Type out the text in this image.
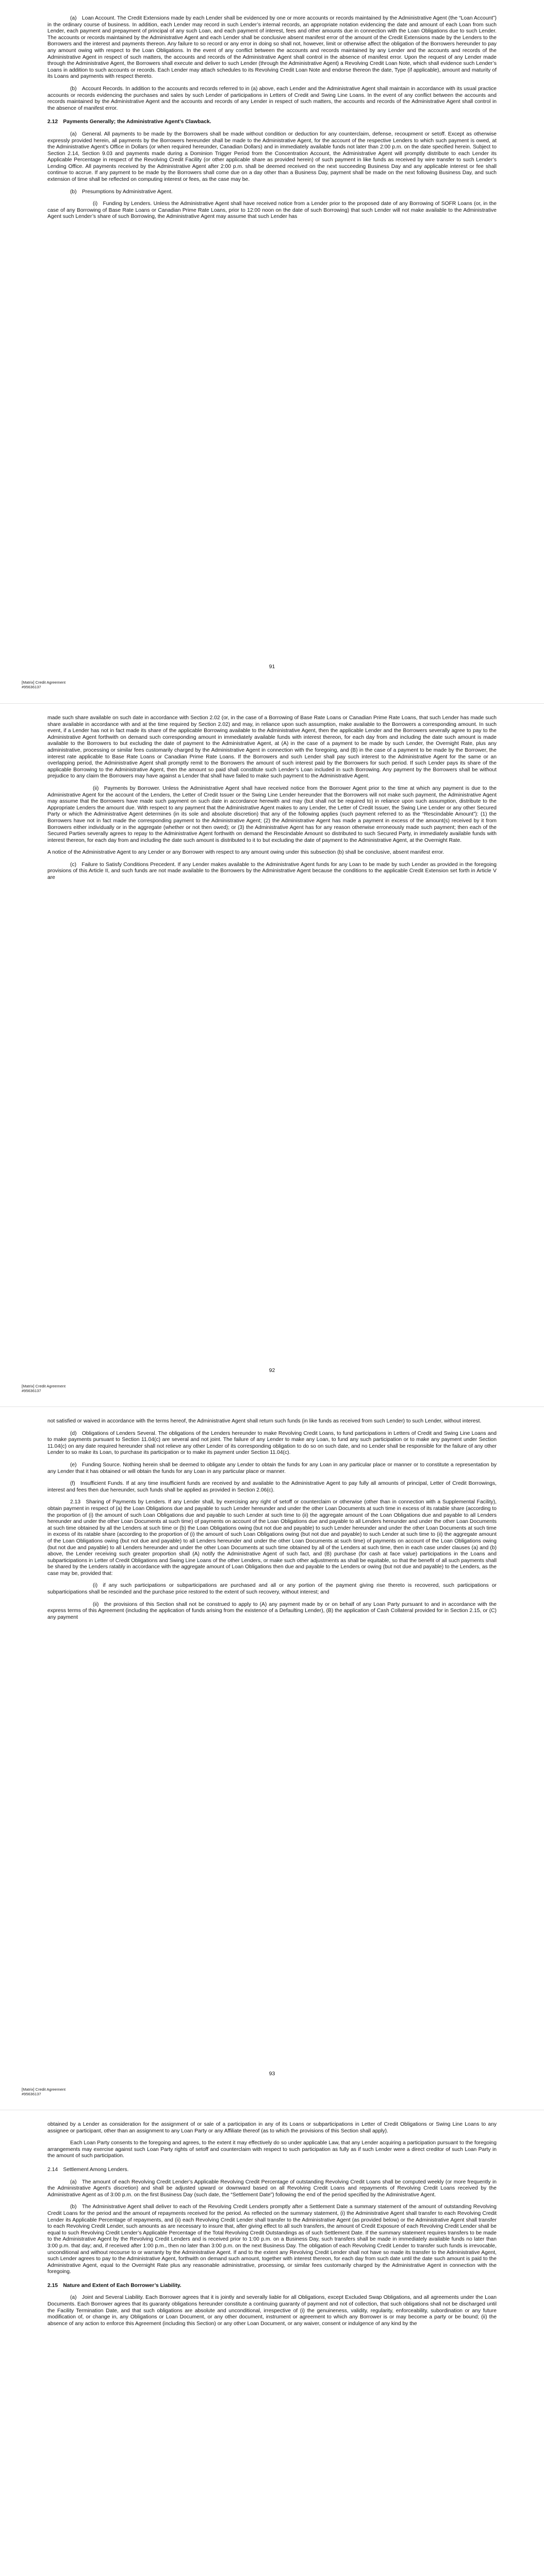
(a) Loan Account. The Credit Extensions made by each Lender shall be evidenced by one or more accounts or records maintained by the Administrative Agent (the “Loan Account”) in the ordinary course of business. In addition, each Lender may record in such Lender’s internal records, an appropriate notation evidencing the date and amount of each Loan from such Lender, each payment and prepayment of principal of any such Loan, and each payment of interest, fees and other amounts due in connection with the Loan Obligations due to such Lender. The accounts or records maintained by the Administrative Agent and each Lender shall be conclusive absent manifest error of the amount of the Credit Extensions made by the Lenders to the Borrowers and the interest and payments thereon. Any failure to so record or any error in doing so shall not, however, limit or otherwise affect the obligation of the Borrowers hereunder to pay any amount owing with respect to the Loan Obligations. In the event of any conflict between the accounts and records maintained by any Lender and the accounts and records of the Administrative Agent in respect of such matters, the accounts and records of the Administrative Agent shall control in the absence of manifest error. Upon the request of any Lender made through the Administrative Agent, the Borrowers shall execute and deliver to such Lender (through the Administrative Agent) a Revolving Credit Loan Note, which shall evidence such Lender’s Loans in addition to such accounts or records. Each Lender may attach schedules to its Revolving Credit Loan Note and endorse thereon the date, Type (if applicable), amount and maturity of its Loans and payments with respect thereto.

(b) Account Records. In addition to the accounts and records referred to in (a) above, each Lender and the Administrative Agent shall maintain in accordance with its usual practice accounts or records evidencing the purchases and sales by such Lender of participations in Letters of Credit and Swing Line Loans. In the event of any conflict between the accounts and records maintained by the Administrative Agent and the accounts and records of any Lender in respect of such matters, the accounts and records of the Administrative Agent shall control in the absence of manifest error.

2.12 Payments Generally; the Administrative Agent’s Clawback.

(a) General. All payments to be made by the Borrowers shall be made without condition or deduction for any counterclaim, defense, recoupment or setoff. Except as otherwise expressly provided herein, all payments by the Borrowers hereunder shall be made to the Administrative Agent, for the account of the respective Lenders to which such payment is owed, at the Administrative Agent’s Office in Dollars (or when required hereunder, Canadian Dollars) and in immediately available funds not later than 2:00 p.m. on the date specified herein. Subject to Section 2.14, Section 9.03 and payments made during a Dominion Trigger Period from the Concentration Account, the Administrative Agent will promptly distribute to each Lender its Applicable Percentage in respect of the Revolving Credit Facility (or other applicable share as provided herein) of such payment in like funds as received by wire transfer to such Lender’s Lending Office. All payments received by the Administrative Agent after 2:00 p.m. shall be deemed received on the next succeeding Business Day and any applicable interest or fee shall continue to accrue. If any payment to be made by the Borrowers shall come due on a day other than a Business Day, payment shall be made on the next following Business Day, and such extension of time shall be reflected on computing interest or fees, as the case may be.

(b) Presumptions by Administrative Agent.

(i) Funding by Lenders. Unless the Administrative Agent shall have received notice from a Lender prior to the proposed date of any Borrowing of SOFR Loans (or, in the case of any Borrowing of Base Rate Loans or Canadian Prime Rate Loans, prior to 12:00 noon on the date of such Borrowing) that such Lender will not make available to the Administrative Agent such Lender’s share of such Borrowing, the Administrative Agent may assume that such Lender has

91
[Matrix] Credit Agreement
#95636137

made such share available on such date in accordance with Section 2.02 (or, in the case of a Borrowing of Base Rate Loans or Canadian Prime Rate Loans, that such Lender has made such share available in accordance with and at the time required by Section 2.02) and may, in reliance upon such assumption, make available to the Borrowers a corresponding amount. In such event, if a Lender has not in fact made its share of the applicable Borrowing available to the Administrative Agent, then the applicable Lender and the Borrowers severally agree to pay to the Administrative Agent forthwith on demand such corresponding amount in immediately available funds with interest thereon, for each day from and including the date such amount is made available to the Borrowers to but excluding the date of payment to the Administrative Agent, at (A) in the case of a payment to be made by such Lender, the Overnight Rate, plus any administrative, processing or similar fees customarily charged by the Administrative Agent in connection with the foregoing, and (B) in the case of a payment to be made by the Borrower, the interest rate applicable to Base Rate Loans or Canadian Prime Rate Loans. If the Borrowers and such Lender shall pay such interest to the Administrative Agent for the same or an overlapping period, the Administrative Agent shall promptly remit to the Borrowers the amount of such interest paid by the Borrowers for such period. If such Lender pays its share of the applicable Borrowing to the Administrative Agent, then the amount so paid shall constitute such Lender’s Loan included in such Borrowing. Any payment by the Borrowers shall be without prejudice to any claim the Borrowers may have against a Lender that shall have failed to make such payment to the Administrative Agent.

(ii) Payments by Borrower. Unless the Administrative Agent shall have received notice from the Borrower Agent prior to the time at which any payment is due to the Administrative Agent for the account of the Lenders, the Letter of Credit Issuer or the Swing Line Lender hereunder that the Borrowers will not make such payment, the Administrative Agent may assume that the Borrowers have made such payment on such date in accordance herewith and may (but shall not be required to) in reliance upon such assumption, distribute to the Appropriate Lenders the amount due. With respect to any payment that the Administrative Agent makes to any Lender, the Letter of Credit Issuer, the Swing Line Lender or any other Secured Party or which the Administrative Agent determines (in its sole and absolute discretion) that any of the following applies (such payment referred to as the “Rescindable Amount”): (1) the Borrowers have not in fact made the corresponding payment to the Administrative Agent; (2) the Administrative Agent has made a payment in excess of the amount(s) received by it from Borrowers either individually or in the aggregate (whether or not then owed); or (3) the Administrative Agent has for any reason otherwise erroneously made such payment; then each of the Secured Parties severally agrees to repay to the Administrative Agent forthwith on demand the Rescindable Amount so distributed to such Secured Party, in immediately available funds with interest thereon, for each day from and including the date such amount is distributed to it to but excluding the date of payment to the Administrative Agent, at the Overnight Rate.

A notice of the Administrative Agent to any Lender or any Borrower with respect to any amount owing under this subsection (b) shall be conclusive, absent manifest error.

(c) Failure to Satisfy Conditions Precedent. If any Lender makes available to the Administrative Agent funds for any Loan to be made by such Lender as provided in the foregoing provisions of this Article II, and such funds are not made available to the Borrowers by the Administrative Agent because the conditions to the applicable Credit Extension set forth in Article V are

92
[Matrix] Credit Agreement
#95636137

not satisfied or waived in accordance with the terms hereof, the Administrative Agent shall return such funds (in like funds as received from such Lender) to such Lender, without interest.

(d) Obligations of Lenders Several. The obligations of the Lenders hereunder to make Revolving Credit Loans, to fund participations in Letters of Credit and Swing Line Loans and to make payments pursuant to Section 11.04(c) are several and not joint. The failure of any Lender to make any Loan, to fund any such participation or to make any payment under Section 11.04(c) on any date required hereunder shall not relieve any other Lender of its corresponding obligation to do so on such date, and no Lender shall be responsible for the failure of any other Lender to so make its Loan, to purchase its participation or to make its payment under Section 11.04(c).

(e) Funding Source. Nothing herein shall be deemed to obligate any Lender to obtain the funds for any Loan in any particular place or manner or to constitute a representation by any Lender that it has obtained or will obtain the funds for any Loan in any particular place or manner.

(f) Insufficient Funds. If at any time insufficient funds are received by and available to the Administrative Agent to pay fully all amounts of principal, Letter of Credit Borrowings, interest and fees then due hereunder, such funds shall be applied as provided in Section 2.06(c).

2.13 Sharing of Payments by Lenders. If any Lender shall, by exercising any right of setoff or counterclaim or otherwise (other than in connection with a Supplemental Facility), obtain payment in respect of (a) the Loan Obligations due and payable to such Lender hereunder and under the other Loan Documents at such time in excess of its ratable share (according to the proportion of (i) the amount of such Loan Obligations due and payable to such Lender at such time to (ii) the aggregate amount of the Loan Obligations due and payable to all Lenders hereunder and under the other Loan Documents at such time) of payments on account of the Loan Obligations due and payable to all Lenders hereunder and under the other Loan Documents at such time obtained by all the Lenders at such time or (b) the Loan Obligations owing (but not due and payable) to such Lender hereunder and under the other Loan Documents at such time in excess of its ratable share (according to the proportion of (i) the amount of such Loan Obligations owing (but not due and payable) to such Lender at such time to (ii) the aggregate amount of the Loan Obligations owing (but not due and payable) to all Lenders hereunder and under the other Loan Documents at such time) of payments on account of the Loan Obligations owing (but not due and payable) to all Lenders hereunder and under the other Loan Documents at such time obtained by all of the Lenders at such time, then in each case under clauses (a) and (b) above, the Lender receiving such greater proportion shall (A) notify the Administrative Agent of such fact, and (B) purchase (for cash at face value) participations in the Loans and subparticipations in Letter of Credit Obligations and Swing Line Loans of the other Lenders, or make such other adjustments as shall be equitable, so that the benefit of all such payments shall be shared by the Lenders ratably in accordance with the aggregate amount of Loan Obligations then due and payable to the Lenders or owing (but not due and payable) to the Lenders, as the case may be, provided that:

(i) if any such participations or subparticipations are purchased and all or any portion of the payment giving rise thereto is recovered, such participations or subparticipations shall be rescinded and the purchase price restored to the extent of such recovery, without interest; and

(ii) the provisions of this Section shall not be construed to apply to (A) any payment made by or on behalf of any Loan Party pursuant to and in accordance with the express terms of this Agreement (including the application of funds arising from the existence of a Defaulting Lender), (B) the application of Cash Collateral provided for in Section 2.15, or (C) any payment

93
[Matrix] Credit Agreement
#95636137

obtained by a Lender as consideration for the assignment of or sale of a participation in any of its Loans or subparticipations in Letter of Credit Obligations or Swing Line Loans to any assignee or participant, other than an assignment to any Loan Party or any Affiliate thereof (as to which the provisions of this Section shall apply).

Each Loan Party consents to the foregoing and agrees, to the extent it may effectively do so under applicable Law, that any Lender acquiring a participation pursuant to the foregoing arrangements may exercise against such Loan Party rights of setoff and counterclaim with respect to such participation as fully as if such Lender were a direct creditor of such Loan Party in the amount of such participation.

2.14 Settlement Among Lenders.

(a) The amount of each Revolving Credit Lender’s Applicable Revolving Credit Percentage of outstanding Revolving Credit Loans shall be computed weekly (or more frequently in the Administrative Agent’s discretion) and shall be adjusted upward or downward based on all Revolving Credit Loans and repayments of Revolving Credit Loans received by the Administrative Agent as of 3:00 p.m. on the first Business Day (such date, the “Settlement Date”) following the end of the period specified by the Administrative Agent.

(b) The Administrative Agent shall deliver to each of the Revolving Credit Lenders promptly after a Settlement Date a summary statement of the amount of outstanding Revolving Credit Loans for the period and the amount of repayments received for the period. As reflected on the summary statement, (i) the Administrative Agent shall transfer to each Revolving Credit Lender its Applicable Percentage of repayments, and (ii) each Revolving Credit Lender shall transfer to the Administrative Agent (as provided below) or the Administrative Agent shall transfer to each Revolving Credit Lender, such amounts as are necessary to insure that, after giving effect to all such transfers, the amount of Credit Exposure of each Revolving Credit Lender shall be equal to such Revolving Credit Lender’s Applicable Percentage of the Total Revolving Credit Outstandings as of such Settlement Date. If the summary statement requires transfers to be made to the Administrative Agent by the Revolving Credit Lenders and is received prior to 1:00 p.m. on a Business Day, such transfers shall be made in immediately available funds no later than 3:00 p.m. that day; and, if received after 1:00 p.m., then no later than 3:00 p.m. on the next Business Day. The obligation of each Revolving Credit Lender to transfer such funds is irrevocable, unconditional and without recourse to or warranty by the Administrative Agent. If and to the extent any Revolving Credit Lender shall not have so made its transfer to the Administrative Agent, such Lender agrees to pay to the Administrative Agent, forthwith on demand such amount, together with interest thereon, for each day from such date until the date such amount is paid to the Administrative Agent, equal to the Overnight Rate plus any reasonable administrative, processing, or similar fees customarily charged by the Administrative Agent in connection with the foregoing.

2.15 Nature and Extent of Each Borrower’s Liability.

(a) Joint and Several Liability. Each Borrower agrees that it is jointly and severally liable for all Obligations, except Excluded Swap Obligations, and all agreements under the Loan Documents. Each Borrower agrees that its guaranty obligations hereunder constitute a continuing guaranty of payment and not of collection, that such obligations shall not be discharged until the Facility Termination Date, and that such obligations are absolute and unconditional, irrespective of (i) the genuineness, validity, regularity, enforceability, subordination or any future modification of, or change in, any Obligations or Loan Document, or any other document, instrument or agreement to which any Borrower is or may become a party or be bound; (ii) the absence of any action to enforce this Agreement (including this Section) or any other Loan Document, or any waiver, consent or indulgence of any kind by the
